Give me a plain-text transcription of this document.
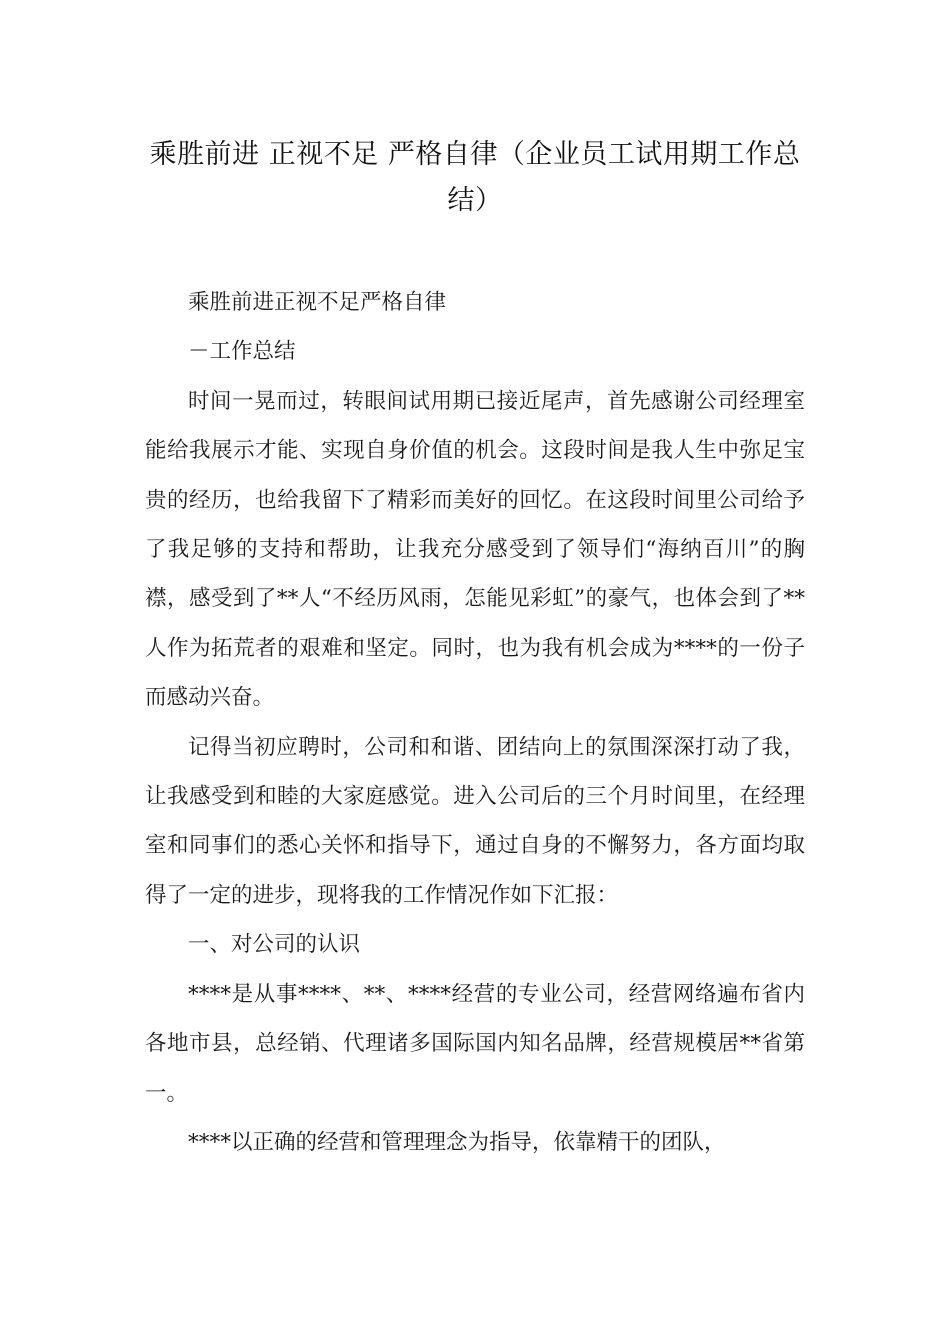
乘胜前进 正视不足 严格自律（企业员工试用期工作总结）

乘胜前进正视不足严格自律

－工作总结

时间一晃而过，转眼间试用期已接近尾声，首先感谢公司经理室能给我展示才能、实现自身价值的机会。这段时间是我人生中弥足宝贵的经历，也给我留下了精彩而美好的回忆。在这段时间里公司给予了我足够的支持和帮助，让我充分感受到了领导们“海纳百川”的胸襟，感受到了**人“不经历风雨，怎能见彩虹”的豪气，也体会到了**人作为拓荒者的艰难和坚定。同时，也为我有机会成为****的一份子而感动兴奋。

记得当初应聘时，公司和和谐、团结向上的氛围深深打动了我，让我感受到和睦的大家庭感觉。进入公司后的三个月时间里，在经理室和同事们的悉心关怀和指导下，通过自身的不懈努力，各方面均取得了一定的进步，现将我的工作情况作如下汇报：

一、对公司的认识

****是从事****、**、****经营的专业公司，经营网络遍布省内各地市县，总经销、代理诸多国际国内知名品牌，经营规模居**省第一。

****以正确的经营和管理理念为指导，依靠精干的团队，
